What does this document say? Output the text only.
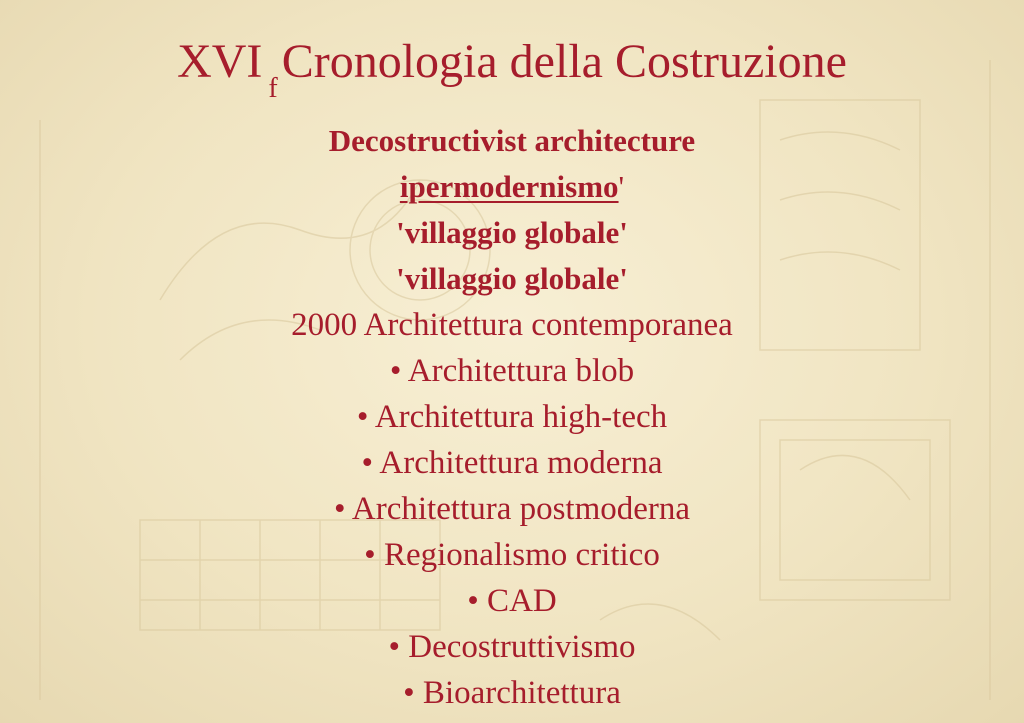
$XVI_fCronologia$ della Costruzione
Decostructivist architecture
ipermodernismo'
'villaggio globale'
'villaggio globale'
2000 Architettura contemporanea
• Architettura blob
• Architettura high-tech
• Architettura moderna
• Architettura postmoderna
• Regionalismo critico
• CAD
• Decostruttivismo
• Bioarchitettura
